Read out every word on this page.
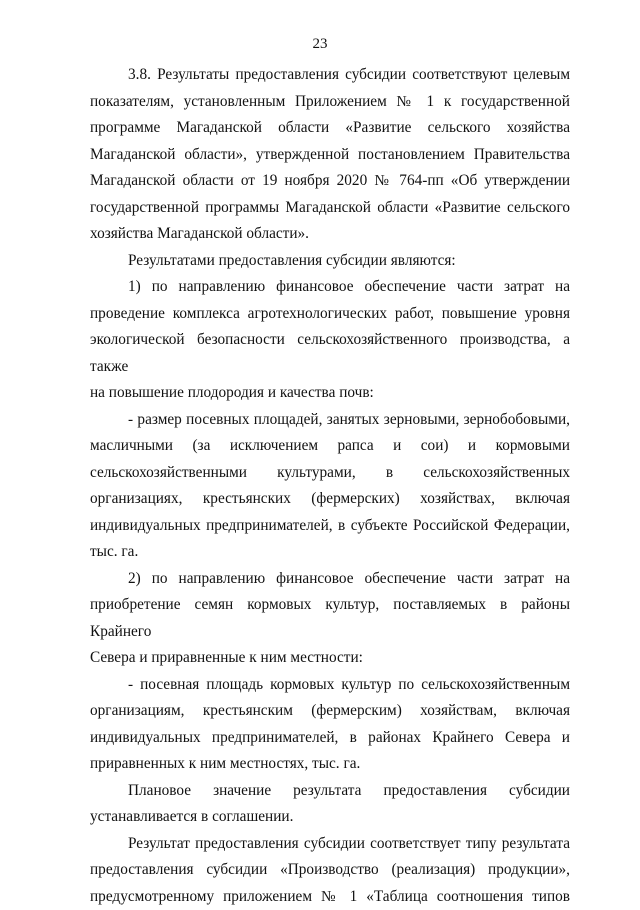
23
3.8. Результаты предоставления субсидии соответствуют целевым
показателям, установленным Приложением № 1 к государственной
программе Магаданской области «Развитие сельского хозяйства
Магаданской области», утвержденной постановлением Правительства
Магаданской области от 19 ноября 2020 № 764-пп «Об утверждении
государственной программы Магаданской области «Развитие сельского
хозяйства Магаданской области».
Результатами предоставления субсидии являются:
1) по направлению финансовое обеспечение части затрат на
проведение комплекса агротехнологических работ, повышение уровня
экологической безопасности сельскохозяйственного производства, а также
на повышение плодородия и качества почв:
- размер посевных площадей, занятых зерновыми, зернобобовыми,
масличными (за исключением рапса и сои) и кормовыми
сельскохозяйственными культурами, в сельскохозяйственных
организациях, крестьянских (фермерских) хозяйствах, включая
индивидуальных предпринимателей, в субъекте Российской Федерации,
тыс. га.
2) по направлению финансовое обеспечение части затрат на
приобретение семян кормовых культур, поставляемых в районы Крайнего
Севера и приравненные к ним местности:
- посевная площадь кормовых культур по сельскохозяйственным
организациям, крестьянским (фермерским) хозяйствам, включая
индивидуальных предпринимателей, в районах Крайнего Севера и
приравненных к ним местностях, тыс. га.
Плановое значение результата предоставления субсидии
устанавливается в соглашении.
Результат предоставления субсидии соответствует типу результата
предоставления субсидии «Производство (реализация) продукции»,
предусмотренному приложением № 1 «Таблица соотношения типов
